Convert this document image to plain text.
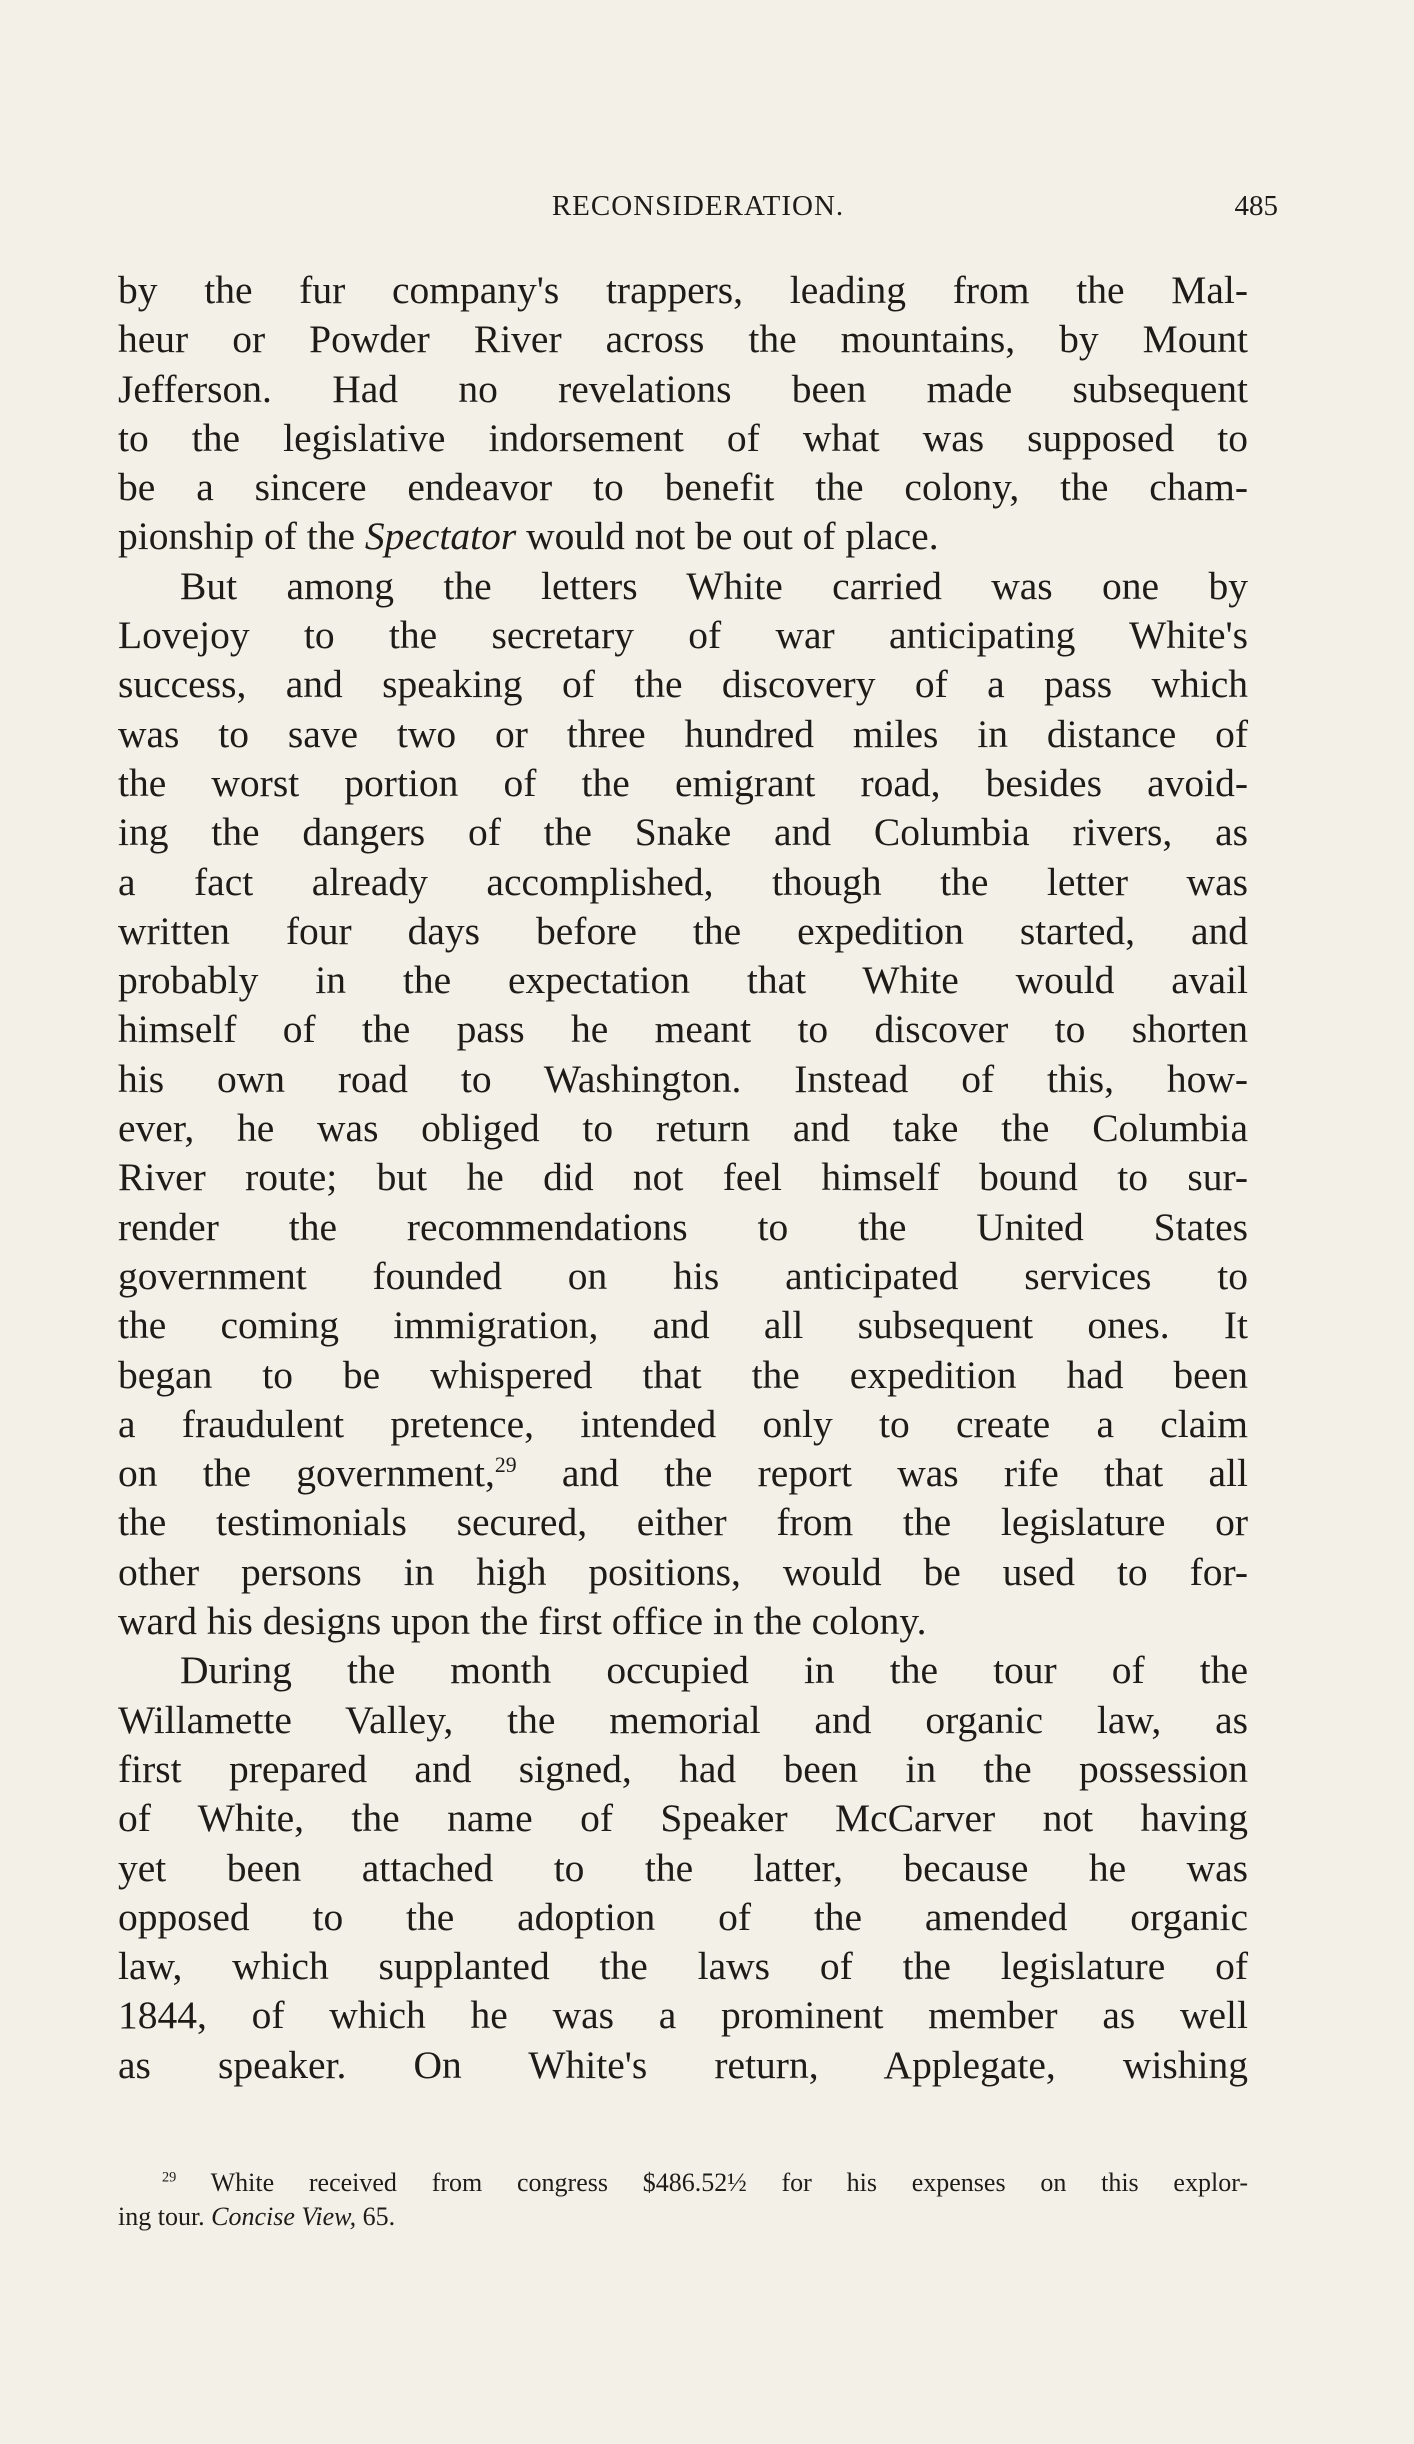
RECONSIDERATION.	485
by the fur company's trappers, leading from the Mal-
heur or Powder River across the mountains, by Mount
Jefferson. Had no revelations been made subsequent
to the legislative indorsement of what was supposed to
be a sincere endeavor to benefit the colony, the cham-
pionship of the Spectator would not be out of place.
But among the letters White carried was one by
Lovejoy to the secretary of war anticipating White's
success, and speaking of the discovery of a pass which
was to save two or three hundred miles in distance of
the worst portion of the emigrant road, besides avoid-
ing the dangers of the Snake and Columbia rivers, as
a fact already accomplished, though the letter was
written four days before the expedition started, and
probably in the expectation that White would avail
himself of the pass he meant to discover to shorten
his own road to Washington. Instead of this, how-
ever, he was obliged to return and take the Columbia
River route; but he did not feel himself bound to sur-
render the recommendations to the United States
government founded on his anticipated services to
the coming immigration, and all subsequent ones. It
began to be whispered that the expedition had been
a fraudulent pretence, intended only to create a claim
on the government,$^{29}$ and the report was rife that all
the testimonials secured, either from the legislature or
other persons in high positions, would be used to for-
ward his designs upon the first office in the colony.
During the month occupied in the tour of the
Willamette Valley, the memorial and organic law, as
first prepared and signed, had been in the possession
of White, the name of Speaker McCarver not having
yet been attached to the latter, because he was
opposed to the adoption of the amended organic
law, which supplanted the laws of the legislature of
1844, of which he was a prominent member as well
as speaker. On White's return, Applegate, wishing
$^{29}$ White received from congress $486.52½ for his expenses on this explor-
ing tour. Concise View, 65.
